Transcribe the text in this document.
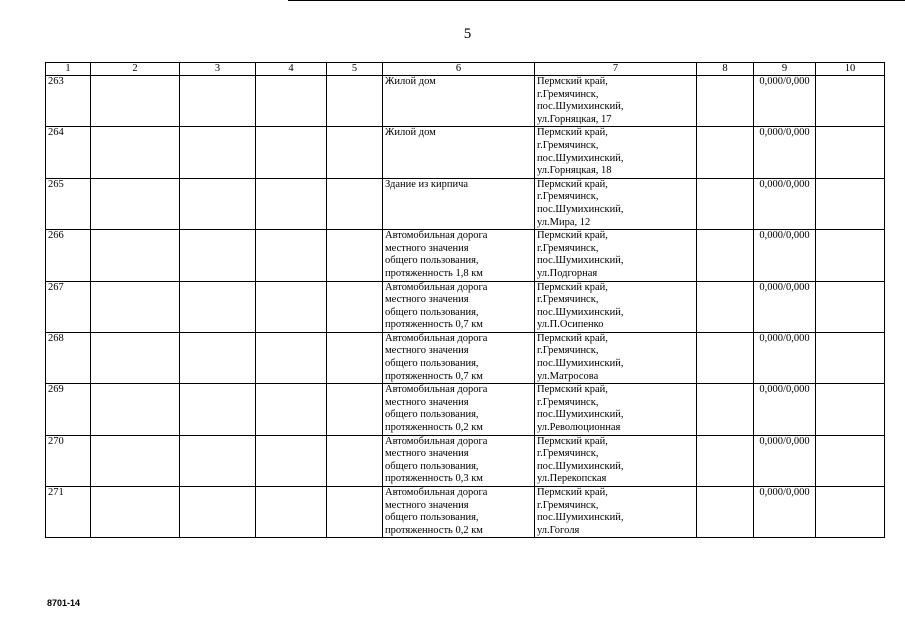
5
1	2	3	4	5	6	7	8	9	10
263					Жилой дом	Пермский край,
г.Гремячинск,
пос.Шумихинский,
ул.Горняцкая, 17		0,000/0,000	
264					Жилой дом	Пермский край,
г.Гремячинск,
пос.Шумихинский,
ул.Горняцкая, 18		0,000/0,000	
265					Здание из кирпича	Пермский край,
г.Гремячинск,
пос.Шумихинский,
ул.Мира, 12		0,000/0,000	
266					Автомобильная дорога
местного значения
общего пользования,
протяженность 1,8 км	Пермский край,
г.Гремячинск,
пос.Шумихинский,
ул.Подгорная		0,000/0,000	
267					Автомобильная дорога
местного значения
общего пользования,
протяженность 0,7 км	Пермский край,
г.Гремячинск,
пос.Шумихинский,
ул.П.Осипенко		0,000/0,000	
268					Автомобильная дорога
местного значения
общего пользования,
протяженность 0,7 км	Пермский край,
г.Гремячинск,
пос.Шумихинский,
ул.Матросова		0,000/0,000	
269					Автомобильная дорога
местного значения
общего пользования,
протяженность 0,2 км	Пермский край,
г.Гремячинск,
пос.Шумихинский,
ул.Революционная		0,000/0,000	
270					Автомобильная дорога
местного значения
общего пользования,
протяженность 0,3 км	Пермский край,
г.Гремячинск,
пос.Шумихинский,
ул.Перекопская		0,000/0,000	
271					Автомобильная дорога
местного значения
общего пользования,
протяженность 0,2 км	Пермский край,
г.Гремячинск,
пос.Шумихинский,
ул.Гоголя		0,000/0,000	
8701-14
